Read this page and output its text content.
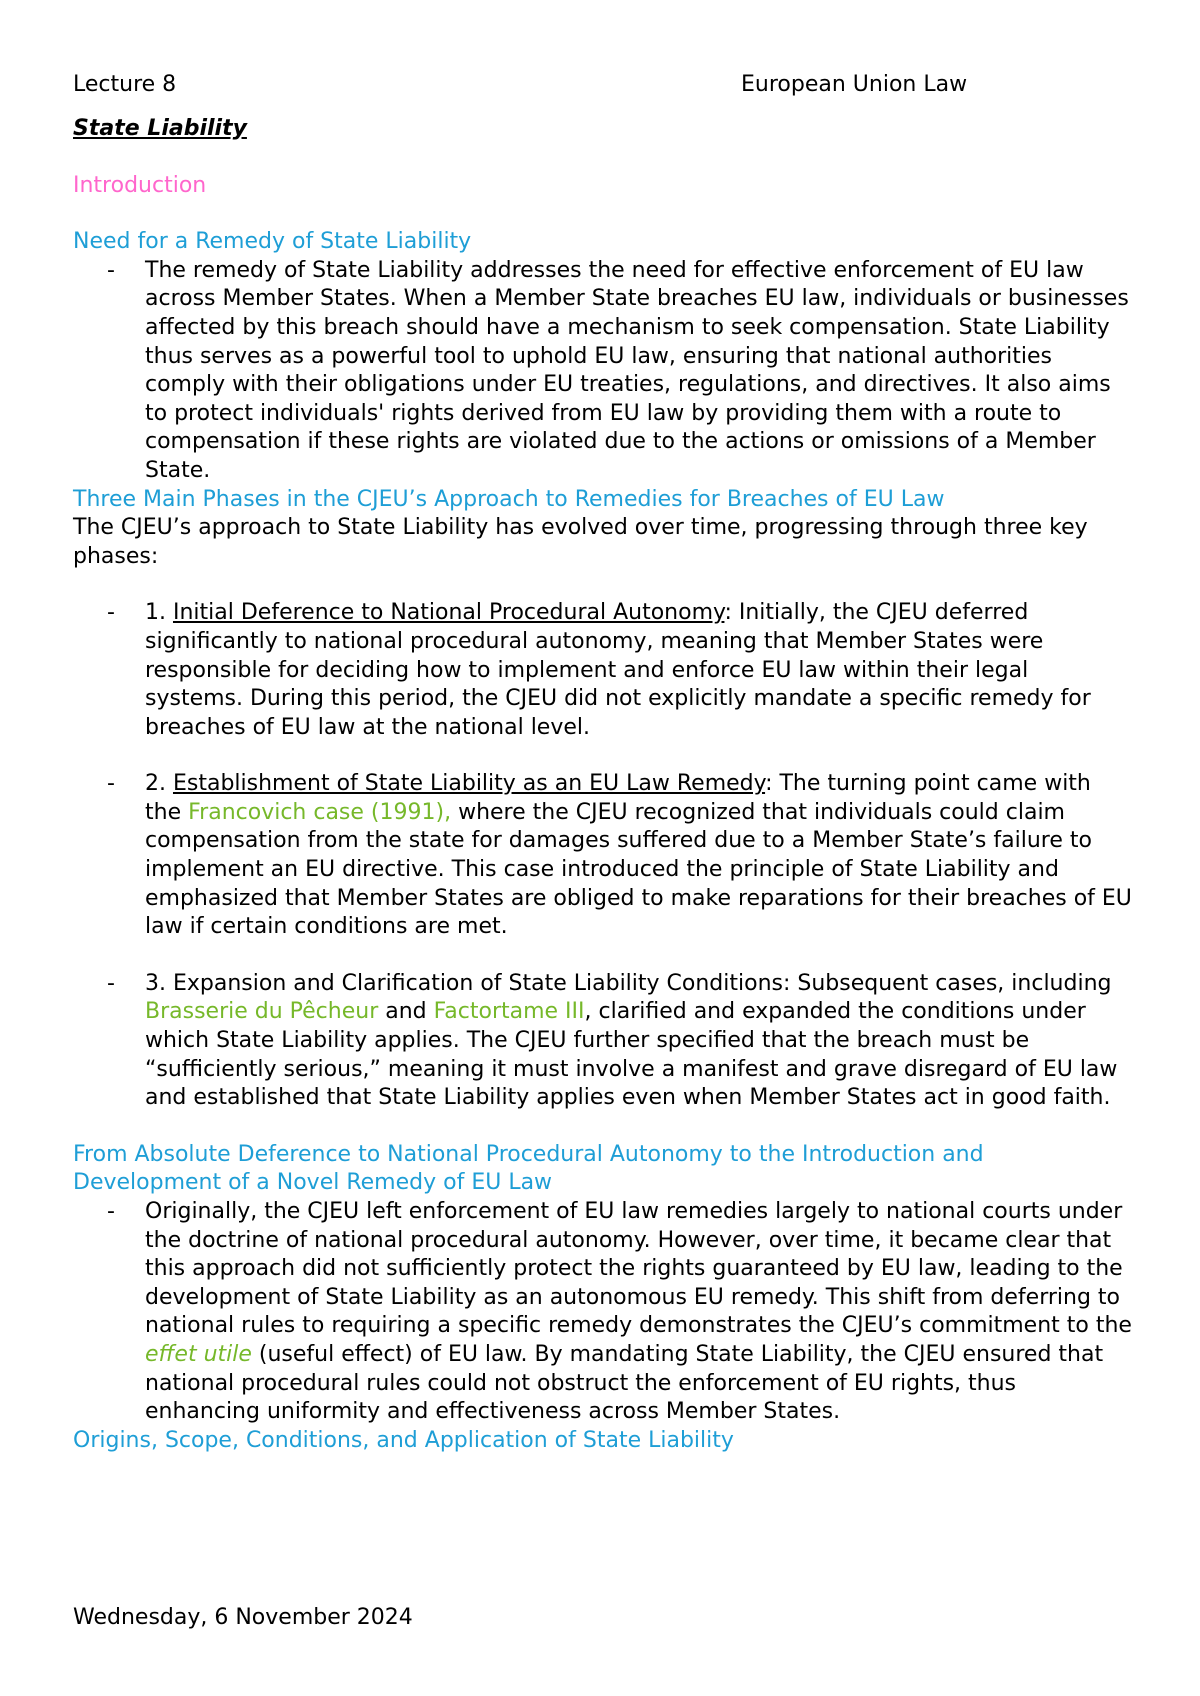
Lecture 8	European Union Law
State Liability
Introduction
Need for a Remedy of State Liability
- The remedy of State Liability addresses the need for effective enforcement of EU law across Member States. When a Member State breaches EU law, individuals or businesses affected by this breach should have a mechanism to seek compensation. State Liability thus serves as a powerful tool to uphold EU law, ensuring that national authorities comply with their obligations under EU treaties, regulations, and directives. It also aims to protect individuals' rights derived from EU law by providing them with a route to compensation if these rights are violated due to the actions or omissions of a Member State.
Three Main Phases in the CJEU’s Approach to Remedies for Breaches of EU Law
The CJEU’s approach to State Liability has evolved over time, progressing through three key phases:
- 1. Initial Deference to National Procedural Autonomy: Initially, the CJEU deferred significantly to national procedural autonomy, meaning that Member States were responsible for deciding how to implement and enforce EU law within their legal systems. During this period, the CJEU did not explicitly mandate a specific remedy for breaches of EU law at the national level.
- 2. Establishment of State Liability as an EU Law Remedy: The turning point came with the Francovich case (1991), where the CJEU recognized that individuals could claim compensation from the state for damages suffered due to a Member State’s failure to implement an EU directive. This case introduced the principle of State Liability and emphasized that Member States are obliged to make reparations for their breaches of EU law if certain conditions are met.
- 3. Expansion and Clarification of State Liability Conditions: Subsequent cases, including Brasserie du Pêcheur and Factortame III, clarified and expanded the conditions under which State Liability applies. The CJEU further specified that the breach must be “sufficiently serious,” meaning it must involve a manifest and grave disregard of EU law and established that State Liability applies even when Member States act in good faith.
From Absolute Deference to National Procedural Autonomy to the Introduction and Development of a Novel Remedy of EU Law
- Originally, the CJEU left enforcement of EU law remedies largely to national courts under the doctrine of national procedural autonomy. However, over time, it became clear that this approach did not sufficiently protect the rights guaranteed by EU law, leading to the development of State Liability as an autonomous EU remedy. This shift from deferring to national rules to requiring a specific remedy demonstrates the CJEU’s commitment to the effet utile (useful effect) of EU law. By mandating State Liability, the CJEU ensured that national procedural rules could not obstruct the enforcement of EU rights, thus enhancing uniformity and effectiveness across Member States.
Origins, Scope, Conditions, and Application of State Liability
Wednesday, 6 November 2024
